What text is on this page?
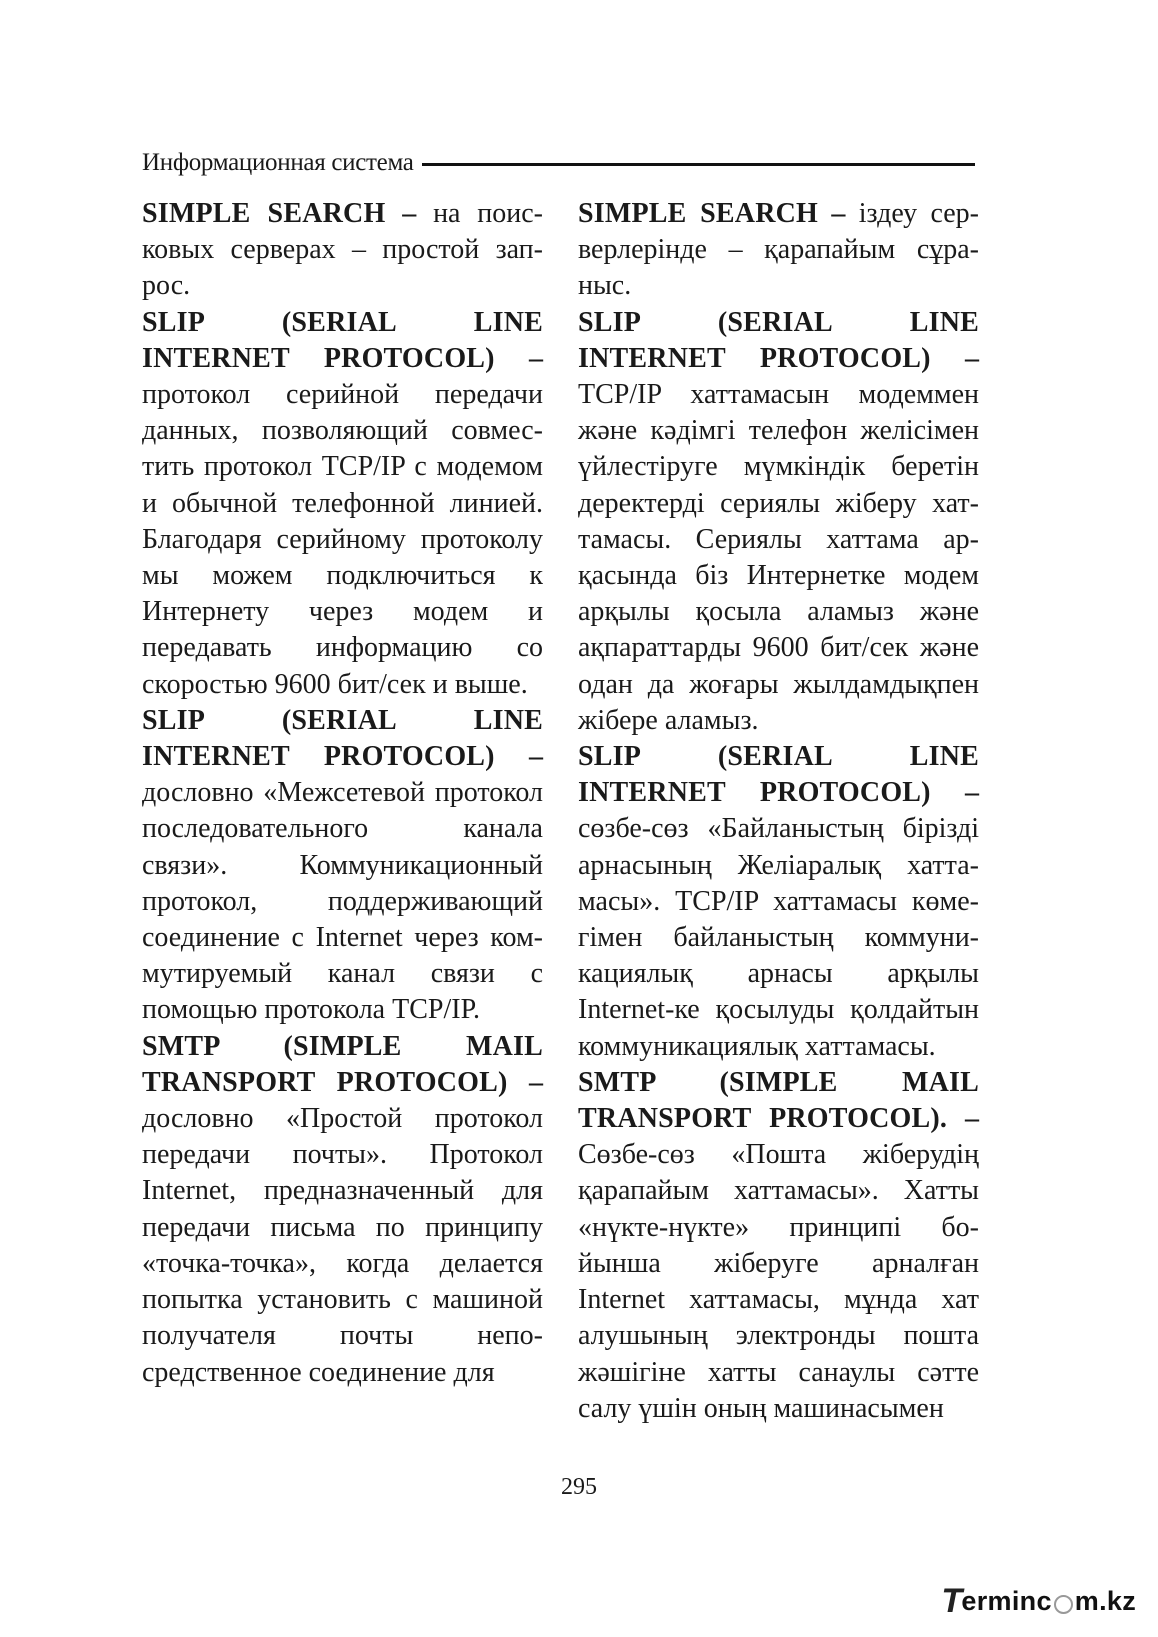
Информационная система

SIMPLE SEARCH – на поисковых серверах – простой запрос.

SLIP (SERIAL LINE INTERNET PROTOCOL) – протокол серийной передачи данных, позволяющий совместить протокол TCP/IP с модемом и обычной телефонной линией. Благодаря серийному протоколу мы можем подключиться к Интернету через модем и передавать информацию со скоростью 9600 бит/сек и выше.

SLIP (SERIAL LINE INTERNET PROTOCOL) – дословно «Межсетевой протокол последовательного канала связи». Коммуникационный протокол, поддерживающий соединение с Internet через коммутируемый канал связи с помощью протокола TCP/IP.

SMTP (SIMPLE MAIL TRANSPORT PROTOCOL) – дословно «Простой протокол передачи почты». Протокол Internet, предназначенный для передачи письма по принципу «точка-точка», когда делается попытка установить с машиной получателя почты непосредственное соединение для

SIMPLE SEARCH – іздеу серверлерінде – қарапайым сұраныс.

SLIP (SERIAL LINE INTERNET PROTOCOL) – TCP/IP хаттамасын модеммен және кәдімгі телефон желісімен үйлестіруге мүмкіндік беретін деректерді сериялы жіберу хаттамасы. Сериялы хаттама арқасында біз Интернетке модем арқылы қосыла аламыз және ақпараттарды 9600 бит/сек және одан да жоғары жылдамдықпен жібере аламыз.

SLIP (SERIAL LINE INTERNET PROTOCOL) – сөзбе-сөз «Байланыстың бірізді арнасының Желіаралық хаттамасы». TCP/IP хаттамасы көмегімен байланыстың коммуникациялық арнасы арқылы Internet-ке қосылуды қолдайтын коммуникациялық хаттамасы.

SMTP (SIMPLE MAIL TRANSPORT PROTOCOL). – Сөзбе-сөз «Пошта жіберудің қарапайым хаттамасы». Хатты «нүкте-нүкте» принципі бойынша жіберуге арналған Internet хаттамасы, мұнда хат алушының электронды пошта жәшігіне хатты санаулы сәтте салу үшін оның машинасымен

295
T erminc m.kz
